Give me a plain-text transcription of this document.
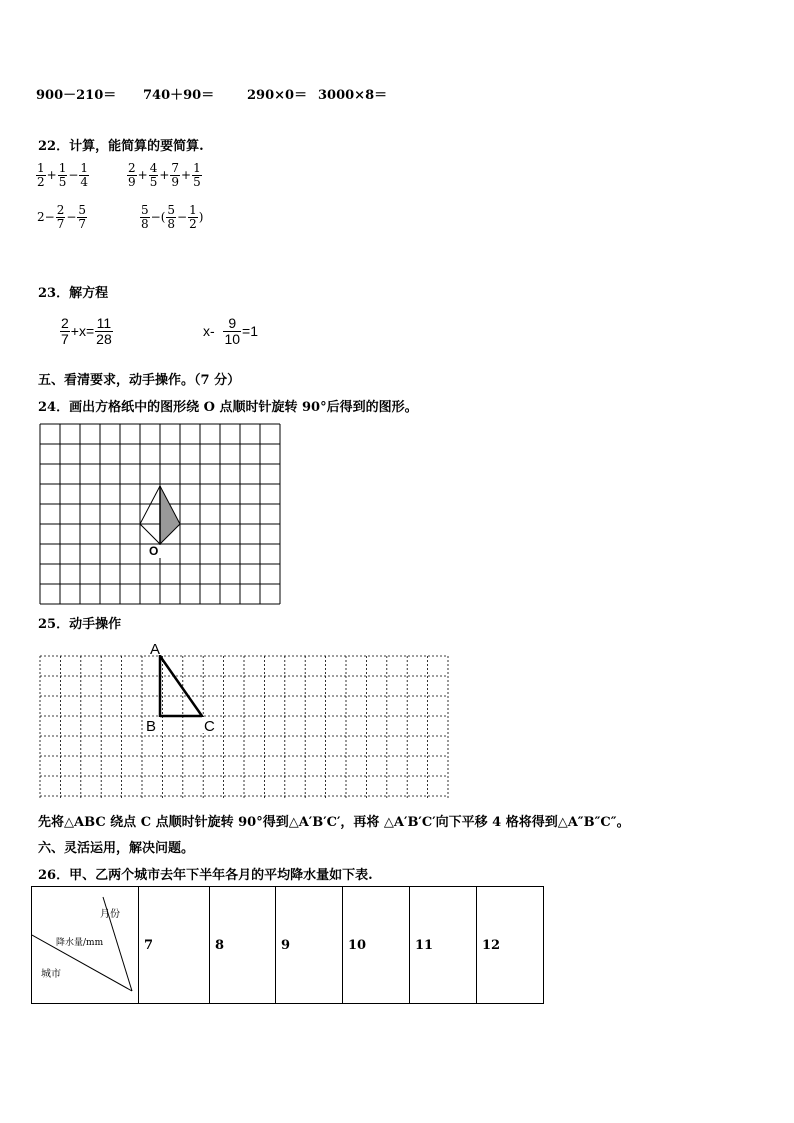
900－210＝ 740＋90＝	290×0＝ 3000×8＝
22．计算，能简算的要简算.
$\frac{1}{2} + \frac{1}{5} - \frac{1}{4}$	$\frac{2}{9} + \frac{4}{5} + \frac{7}{9} + \frac{1}{5}$
$2- \frac{2}{7} - \frac{5}{7}$	$\frac{5}{8}$ −( $\frac{5}{8} - \frac{1}{2}$ )
23．解方程
$\frac{2}{7} +x= \frac{11}{28}$	$x- \frac{9}{10} =1$
五、看清要求，动手操作。（7 分）
24．画出方格纸中的图形绕 O 点顺时针旋转 90°后得到的图形。
O
25．动手操作
A
B	C
先将△ABC 绕点 C 点顺时针旋转 90°得到△A′B′C′，再将 △A′B′C′向下平移 4 格将得到△A″B″C″。
六、灵活运用，解决问题。
26．甲、乙两个城市去年下半年各月的平均降水量如下表.
月份
降水量/mm
城市
	7	8	9	10	11	12
